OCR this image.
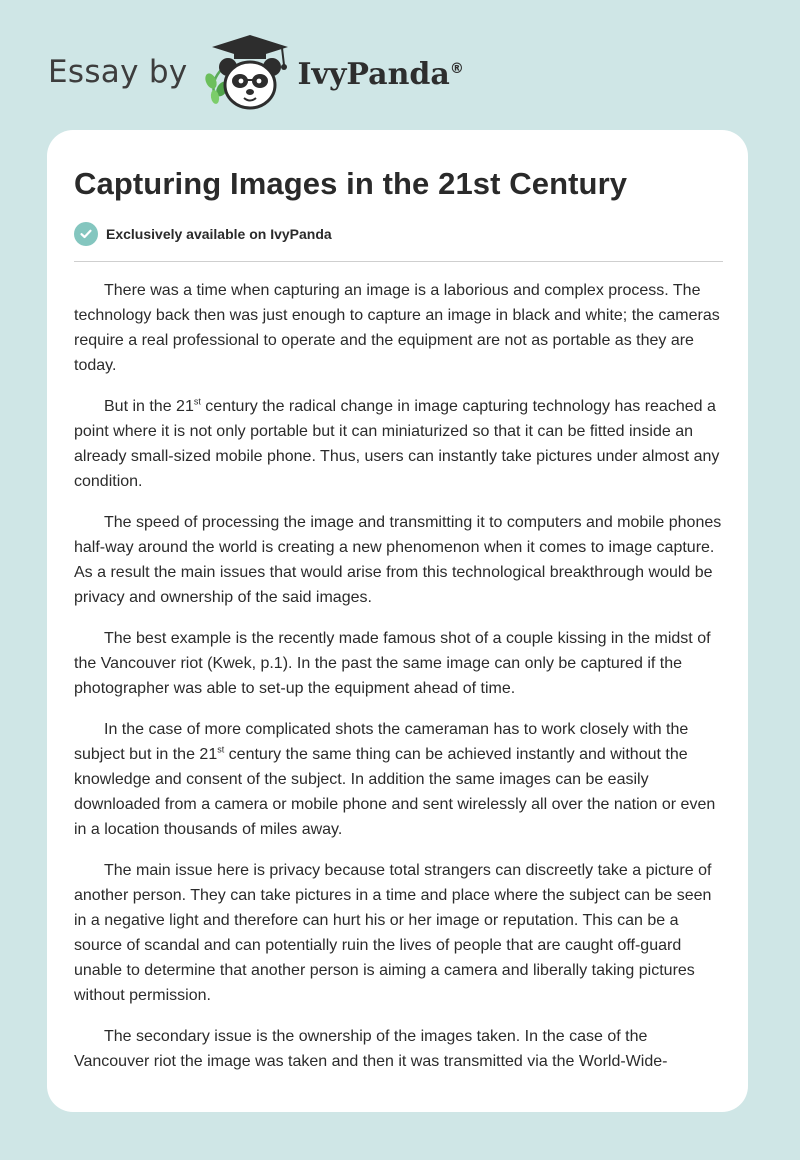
Essay by	IvyPanda®
Capturing Images in the 21st Century
Exclusively available on IvyPanda

There was a time when capturing an image is a laborious and complex process. The technology back then was just enough to capture an image in black and white; the cameras require a real professional to operate and the equipment are not as portable as they are today.

But in the 21st century the radical change in image capturing technology has reached a point where it is not only portable but it can miniaturized so that it can be fitted inside an already small-sized mobile phone. Thus, users can instantly take pictures under almost any condition.

The speed of processing the image and transmitting it to computers and mobile phones half-way around the world is creating a new phenomenon when it comes to image capture. As a result the main issues that would arise from this technological breakthrough would be privacy and ownership of the said images.

The best example is the recently made famous shot of a couple kissing in the midst of the Vancouver riot (Kwek, p.1). In the past the same image can only be captured if the photographer was able to set-up the equipment ahead of time.

In the case of more complicated shots the cameraman has to work closely with the subject but in the 21st century the same thing can be achieved instantly and without the knowledge and consent of the subject. In addition the same images can be easily downloaded from a camera or mobile phone and sent wirelessly all over the nation or even in a location thousands of miles away.

The main issue here is privacy because total strangers can discreetly take a picture of another person. They can take pictures in a time and place where the subject can be seen in a negative light and therefore can hurt his or her image or reputation. This can be a source of scandal and can potentially ruin the lives of people that are caught off-guard unable to determine that another person is aiming a camera and liberally taking pictures without permission.

The secondary issue is the ownership of the images taken. In the case of the Vancouver riot the image was taken and then it was transmitted via the World-Wide-
